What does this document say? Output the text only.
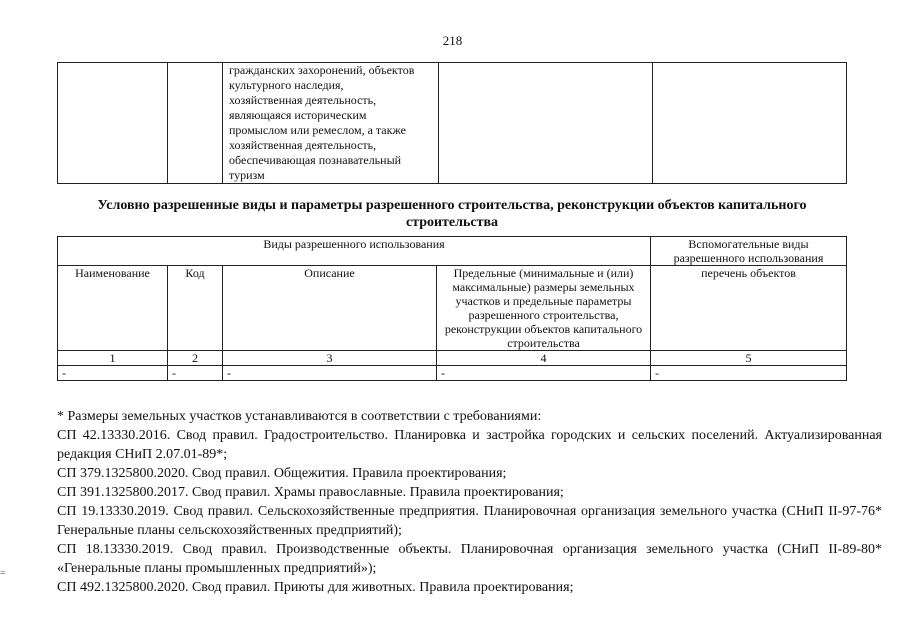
218

гражданских захоронений, объектов
культурного наследия,
хозяйственная деятельность,
являющаяся историческим
промыслом или ремеслом, а также
хозяйственная деятельность,
обеспечивающая познавательный
туризм

Условно разрешенные виды и параметры разрешенного строительства, реконструкции объектов капитального строительства
Виды разрешенного использования				Вспомогательные виды разрешенного использования
Наименование	Код	Описание	Предельные (минимальные и (или) максимальные) размеры земельных участков и предельные параметры разрешенного строительства, реконструкции объектов капитального строительства	перечень объектов
1	2	3	4	5
-	-	-	-	-

* Размеры земельных участков устанавливаются в соответствии с требованиями:

СП 42.13330.2016. Свод правил. Градостроительство. Планировка и застройка городских и сельских поселений. Актуализированная редакция СНиП 2.07.01-89*;

СП 379.1325800.2020. Свод правил. Общежития. Правила проектирования;

СП 391.1325800.2017. Свод правил. Храмы православные. Правила проектирования;

СП 19.13330.2019. Свод правил. Сельскохозяйственные предприятия. Планировочная организация земельного участка (СНиП II-97-76* Генеральные планы сельскохозяйственных предприятий);

СП 18.13330.2019. Свод правил. Производственные объекты. Планировочная организация земельного участка (СНиП II-89-80* «Генеральные планы промышленных предприятий»);

СП 492.1325800.2020. Свод правил. Приюты для животных. Правила проектирования;

=
